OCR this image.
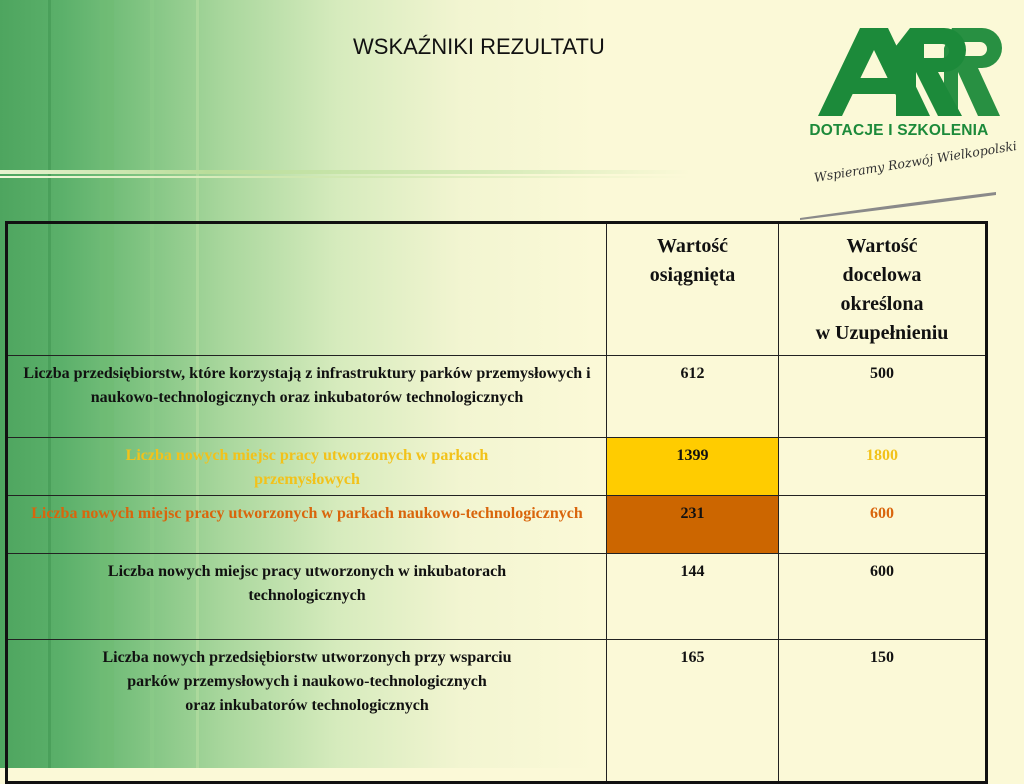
WSKAŹNIKI REZULTATU
DOTACJE I SZKOLENIA
Wspieramy Rozwój Wielkopolski

	Wartość osiągnięta	Wartość
docelowa
określona
w Uzupełnieniu

Liczba przedsiębiorstw, które korzystają z infrastruktury parków przemysłowych i naukowo-technologicznych oraz inkubatorów technologicznych	612	500
Liczba nowych miejsc pracy utworzonych w parkach przemysłowych	1399	1800
Liczba nowych miejsc pracy utworzonych w parkach naukowo-technologicznych	231	600
Liczba nowych miejsc pracy utworzonych w inkubatorach technologicznych	144	600

Liczba nowych przedsiębiorstw utworzonych przy wsparciu
parków przemysłowych i naukowo-technologicznych
oraz inkubatorów technologicznych	165	150
